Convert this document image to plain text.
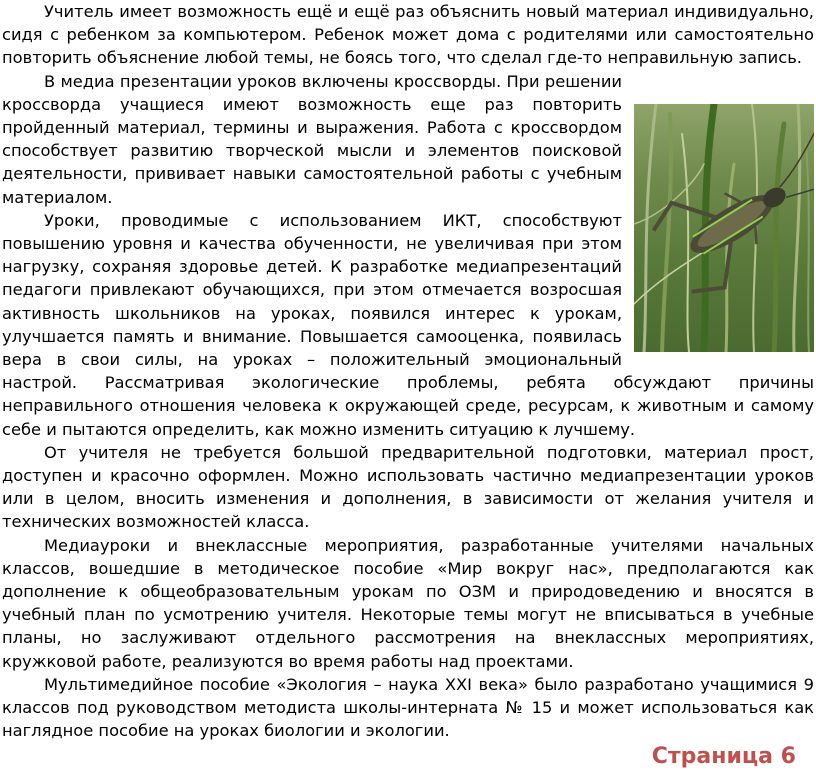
Учитель имеет возможность ещё и ещё раз объяснить новый материал индивидуально, сидя с ребенком за компьютером. Ребенок может дома с родителями или самостоятельно повторить объяснение любой темы, не боясь того, что сделал где-то неправильную запись.

В медиа презентации уроков включены кроссворды. При решении кроссворда учащиеся имеют возможность еще раз повторить пройденный материал, термины и выражения. Работа с кроссвордом способствует развитию творческой мысли и элементов поисковой деятельности, прививает навыки самостоятельной работы с учебным материалом.

Уроки, проводимые с использованием ИКТ, способствуют повышению уровня и качества обученности, не увеличивая при этом нагрузку, сохраняя здоровье детей. К разработке медиапрезентаций педагоги привлекают обучающихся, при этом отмечается возросшая активность школьников на уроках, появился интерес к урокам, улучшается память и внимание. Повышается самооценка, появилась вера в свои силы, на уроках – положительный эмоциональный настрой. Рассматривая экологические проблемы, ребята обсуждают причины неправильного отношения человека к окружающей среде, ресурсам, к животным и самому себе и пытаются определить, как можно изменить ситуацию к лучшему.

От учителя не требуется большой предварительной подготовки, материал прост, доступен и красочно оформлен. Можно использовать частично медиапрезентации уроков или в целом, вносить изменения и дополнения, в зависимости от желания учителя и технических возможностей класса.

Медиауроки и внеклассные мероприятия, разработанные учителями начальных классов, вошедшие в методическое пособие «Мир вокруг нас», предполагаются как дополнение к общеобразовательным урокам по ОЗМ и природоведению и вносятся в учебный план по усмотрению учителя. Некоторые темы могут не вписываться в учебные планы, но заслуживают отдельного рассмотрения на внеклассных мероприятиях, кружковой работе, реализуются во время работы над проектами.

Мультимедийное пособие «Экология – наука XXI века» было разработано учащимися 9 классов под руководством методиста школы-интерната № 15 и может использоваться как наглядное пособие на уроках биологии и экологии.

Страница 6
